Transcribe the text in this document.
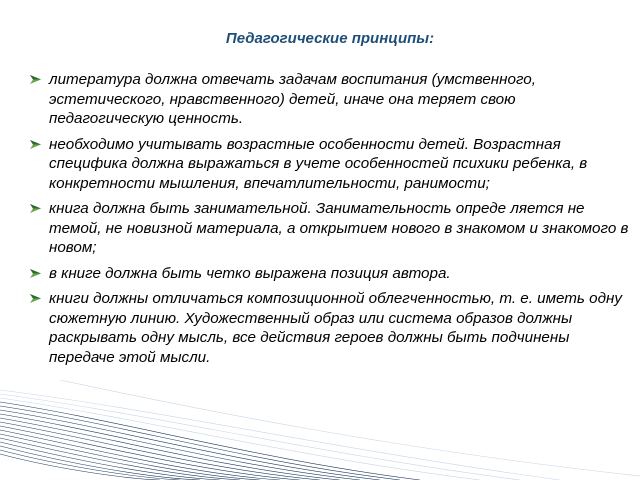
Педагогические принципы:
литература должна отвечать задачам воспитания (умственного, эстетического, нравственного) детей, иначе она теряет свою педагогическую ценность.
необходимо учитывать возрастные особенности детей. Возрастная специфика должна выражаться в учете особенностей психики ребенка, в конкретности мышления, впечатлительности, ранимости;
книга должна быть занимательной. Занимательность опреде ляется не темой, не новизной материала, а открытием нового в знакомом и знакомого в новом;
в книге должна быть четко выражена позиция автора.
книги должны отличаться композиционной облегченностью, т. е. иметь одну сюжетную линию. Художественный образ или система образов должны раскрывать одну мысль, все действия героев должны быть подчинены передаче этой мысли.
